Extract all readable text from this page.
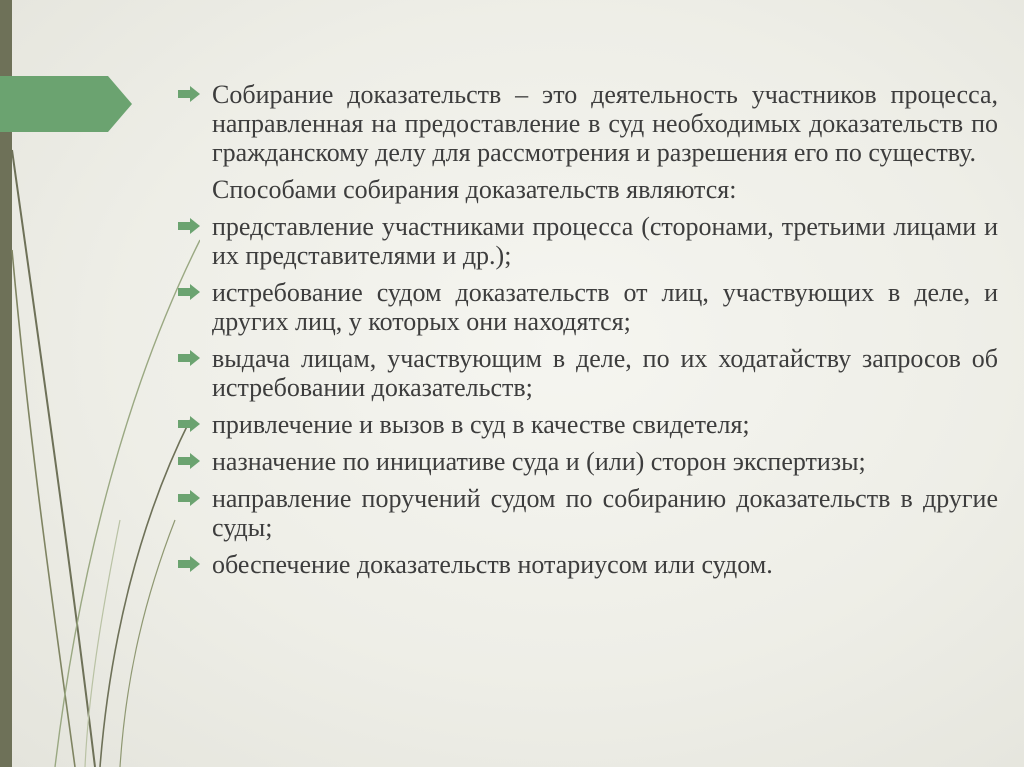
Собирание доказательств – это деятельность участников процесса, направленная на предоставление в суд необходимых доказательств по гражданскому делу для рассмотрения и разрешения его по существу.
Способами собирания доказательств являются:
представление участниками процесса (сторонами, третьими лицами и их представителями и др.);
истребование судом доказательств от лиц, участвующих в деле, и других лиц, у которых они находятся;
выдача лицам, участвующим в деле, по их ходатайству запросов об истребовании доказательств;
привлечение и вызов в суд в качестве свидетеля;
назначение по инициативе суда и (или) сторон экспертизы;
направление поручений судом по собиранию доказательств в другие суды;
обеспечение доказательств нотариусом или судом.
